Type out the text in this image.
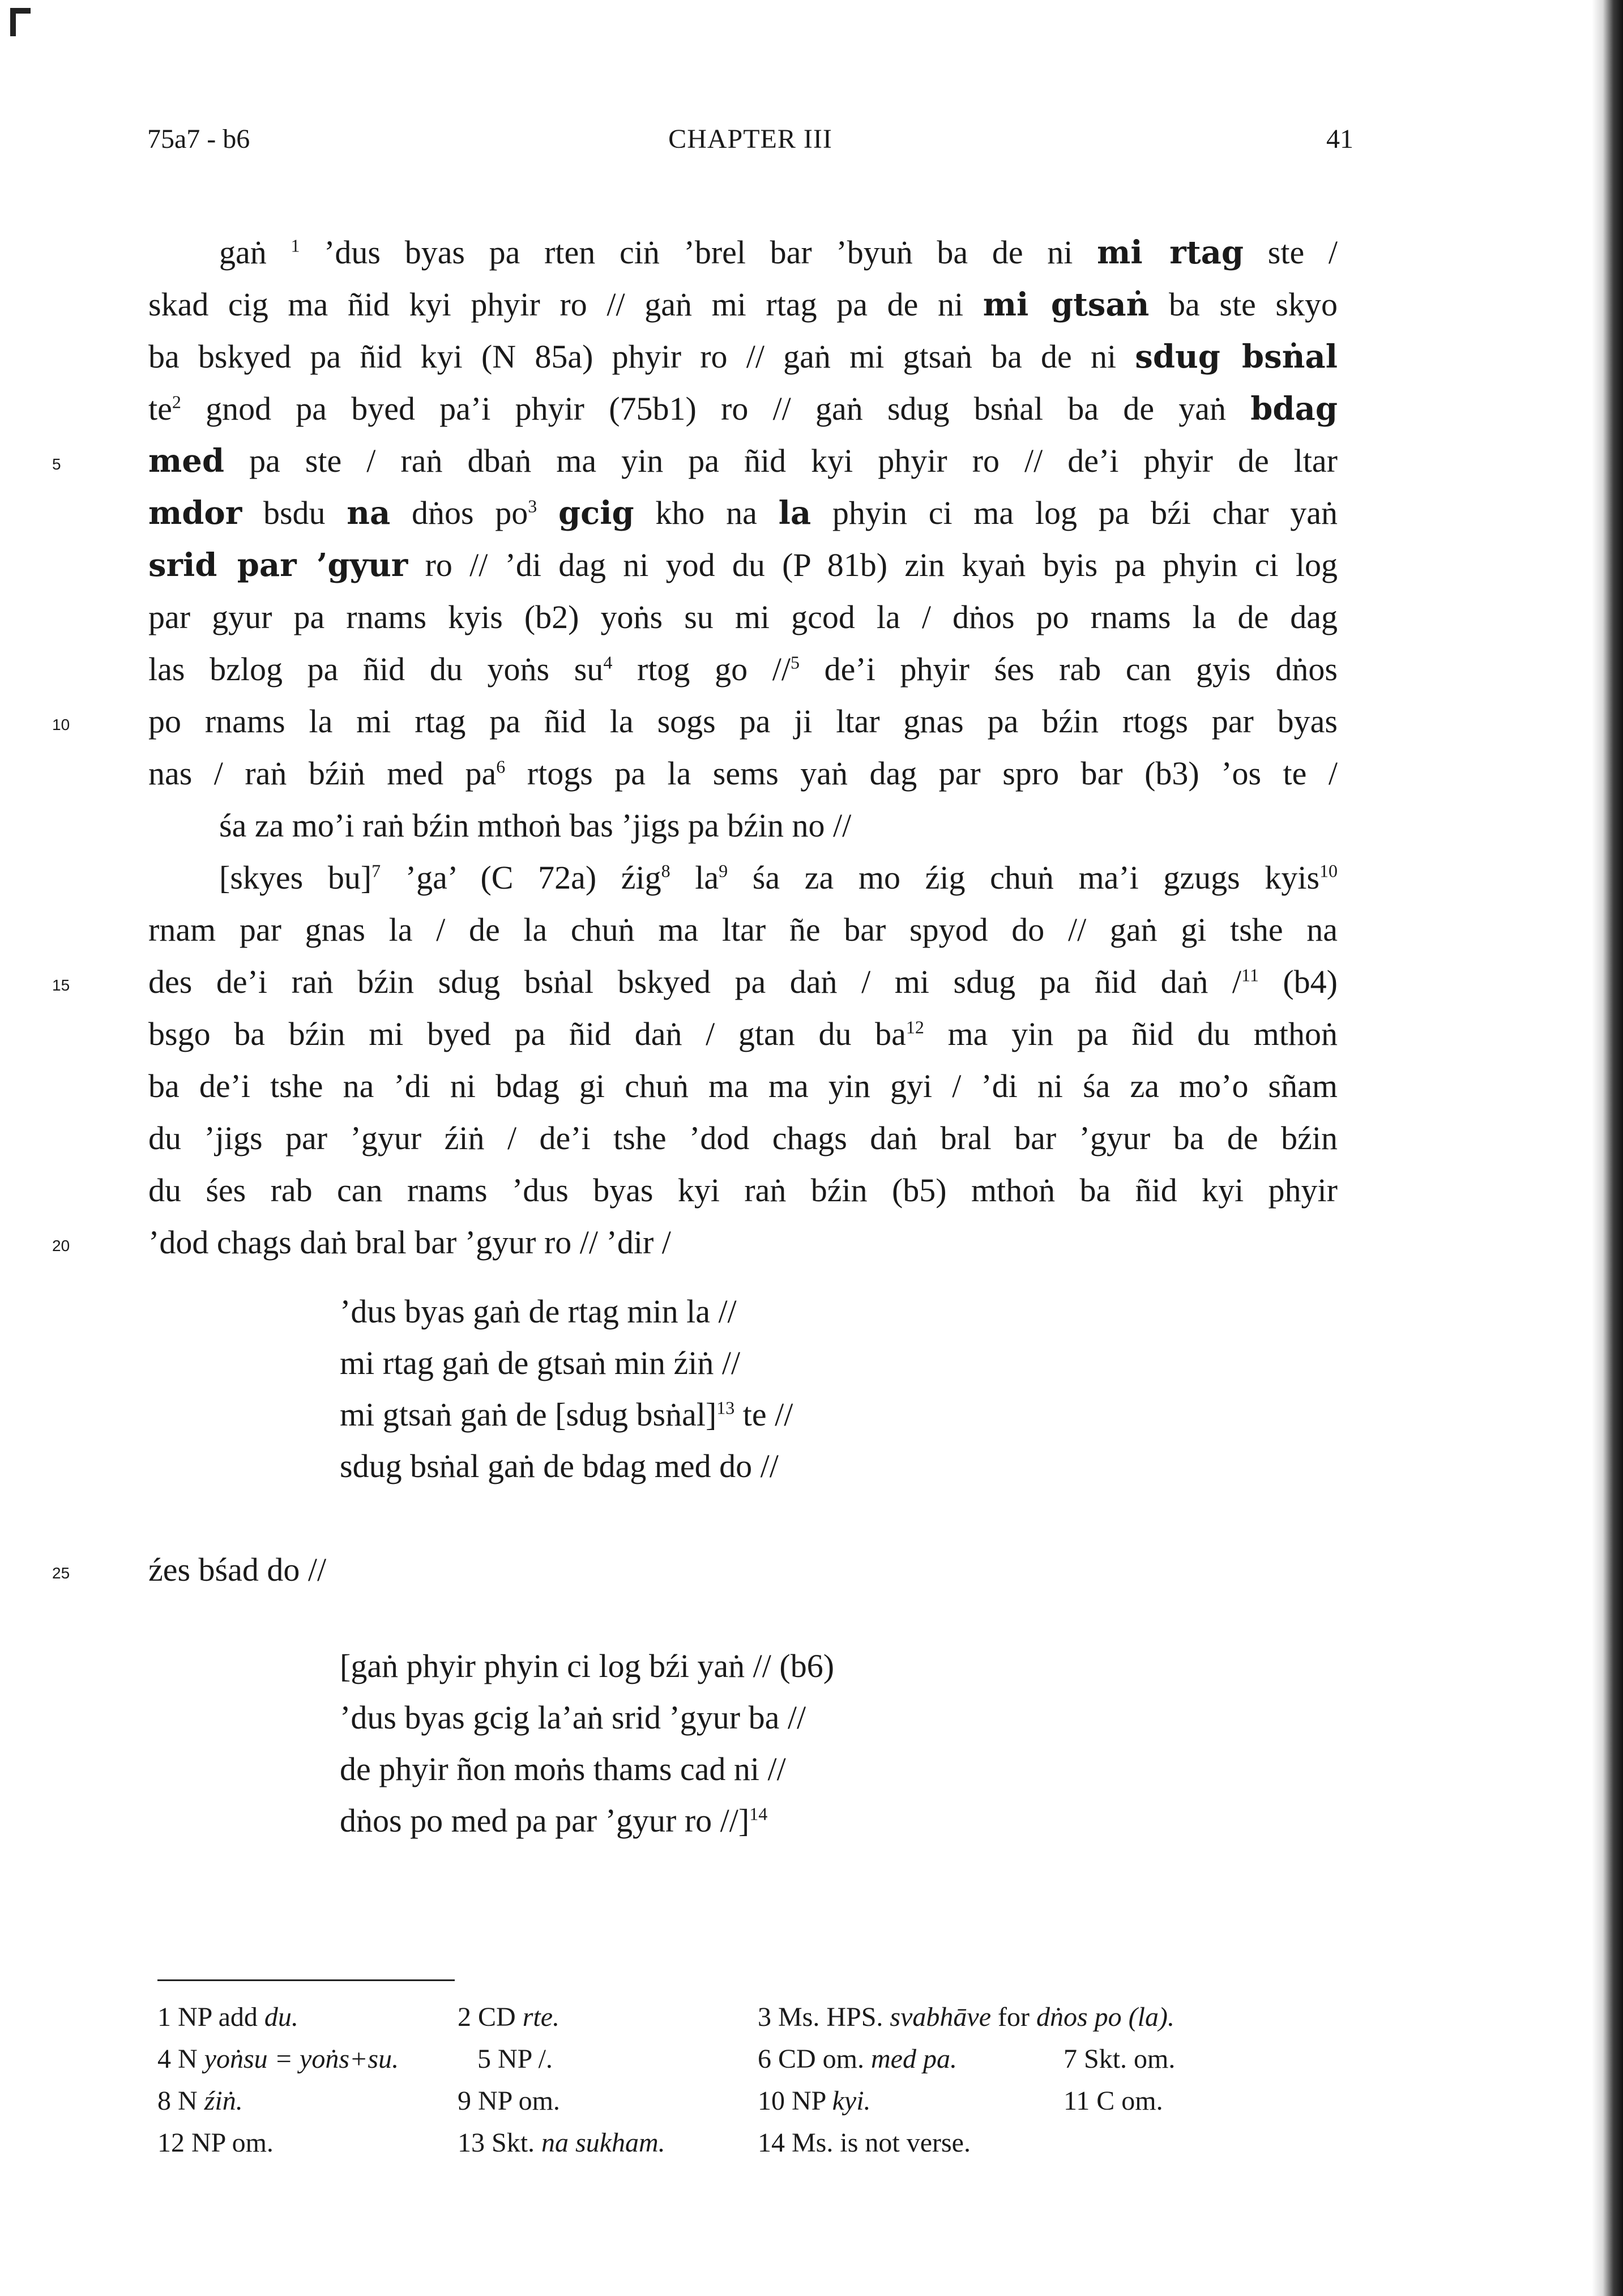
75a7 - b6	CHAPTER III	41
gaṅ $^1$ ’dus byas pa rten ciṅ ’brel bar ’byuṅ ba de ni mi rtag ste /
skad cig ma ñid kyi phyir ro // gaṅ mi rtag pa de ni mi gtsaṅ ba ste skyo
ba bskyed pa ñid kyi (N 85a) phyir ro // gaṅ mi gtsaṅ ba de ni sdug bsṅal
$te^2$ gnod pa byed pa’i phyir (75b1) ro // gaṅ sdug bsṅal ba de yaṅ bdag
5	med pa ste / raṅ dbaṅ ma yin pa ñid kyi phyir ro // de’i phyir de ltar
mdor bsdu na dṅos $po^3$ gcig kho na la phyin ci ma log pa bźi char yaṅ
srid par ’gyur ro // ’di dag ni yod du (P 81b) zin kyaṅ byis pa phyin ci log
par gyur pa rnams kyis (b2) yoṅs su mi gcod la / dṅos po rnams la de dag
las bzlog pa ñid du yoṅs $su^4$ rtog go //$^5$ de’i phyir śes rab can gyis dṅos
10 po rnams la mi rtag pa ñid la sogs pa ji ltar gnas pa bźin rtogs par byas
nas / raṅ bźiṅ med $pa^6$ rtogs pa la sems yaṅ dag par spro bar (b3) ’os te /
śa za mo’i raṅ bźin mthoṅ bas ’jigs pa bźin no //
[skyes bu]$^7$ ’ga’ (C 72a) źig$^8$ $la^9$ śa za mo źig chuṅ ma’i gzugs kyis$^{10}$
rnam par gnas la / de la chuṅ ma ltar ñe bar spyod do // gaṅ gi tshe na
15 des de’i raṅ bźin sdug bsṅal bskyed pa daṅ / mi sdug pa ñid daṅ /$^{11}$ (b4)
bsgo ba bźin mi byed pa ñid daṅ / gtan du $ba^{12}$ ma yin pa ñid du mthoṅ
ba de’i tshe na ’di ni bdag gi chuṅ ma ma yin gyi / ’di ni śa za mo’o sñam
du ’jigs par ’gyur źiṅ / de’i tshe ’dod chags daṅ bral bar ’gyur ba de bźin
du śes rab can rnams ’dus byas kyi raṅ bźin (b5) mthoṅ ba ñid kyi phyir
20 ’dod chags daṅ bral bar ’gyur ro // ’dir /
’dus byas gaṅ de rtag min la //
mi rtag gaṅ de gtsaṅ min źiṅ //
mi gtsaṅ gaṅ de [sdug bsṅal]$^{13}$ te //
sdug bsṅal gaṅ de bdag med do //
25 źes bśad do //
[gaṅ phyir phyin ci log bźi yaṅ // (b6)
’dus byas gcig la’aṅ srid ’gyur ba //
de phyir ñon moṅs thams cad ni //
dṅos po med pa par ’gyur ro //]$^{14}$
1 NP add du.	2 CD rte.	3 Ms. HPS. svabhāve for dṅos po (la).
4 N yoṅsu = yoṅs+su.	5 NP /.	6 CD om. med pa.	7 Skt. om.
8 N źiṅ.	9 NP om.	10 NP kyi.	11 C om.
12 NP om.	13 Skt. na sukham.	14 Ms. is not verse.
